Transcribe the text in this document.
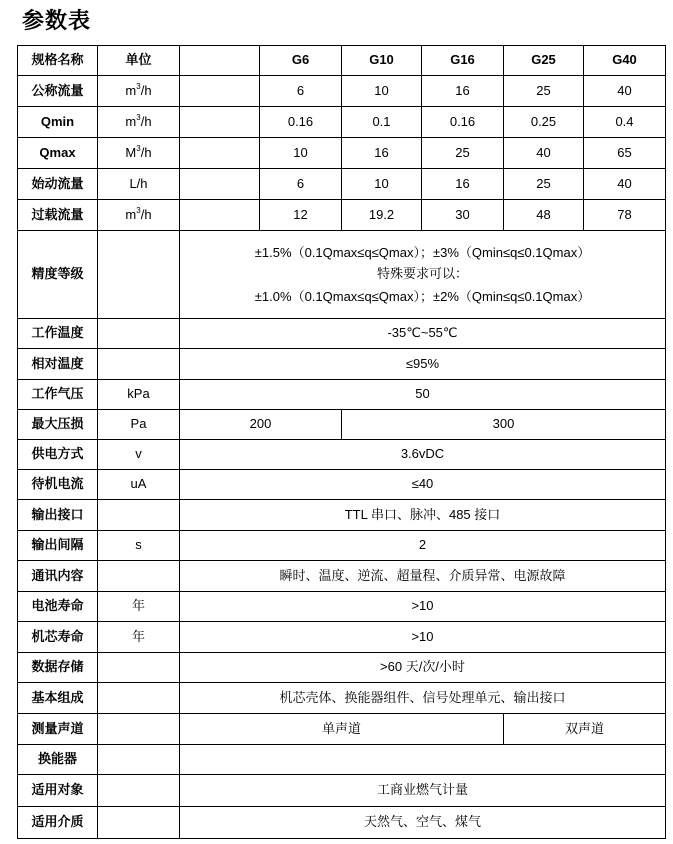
参数表
规格名称	单位		G6	G10	G16	G25	G40
公称流量	$m^3/h$		6	10	16	25	40
Qmin	$m^3/h$		0.16	0.1	0.16	0.25	0.4
Qmax	$M^3/h$		10	16	25	40	65
始动流量	L/h		6	10	16	25	40
过载流量	$m^3/h$		12	19.2	30	48	78
精度等级		±1.5%（0.1Qmax≤q≤Qmax）；±3%（Qmin≤q≤0.1Qmax）
特殊要求可以：
±1.0%（0.1Qmax≤q≤Qmax）；±2%（Qmin≤q≤0.1Qmax）					

工作温度		-35℃~55℃					
相对温度		≤95%					
工作气压	kPa	50					
最大压损	Pa	200		300			
供电方式	v	3.6vDC					
待机电流	uA	≤40					
输出接口		TTL 串口、脉冲、485 接口					
输出间隔	s	2					
通讯内容		瞬时、温度、逆流、超量程、介质异常、电源故障					
电池寿命	年	>10					
机芯寿命	年	>10					
数据存储		>60 天/次/小时					
基本组成		机芯壳体、换能器组件、信号处理单元、输出接口					
测量声道		单声道				双声道	
换能器							
适用对象		工商业燃气计量					
适用介质		天然气、空气、煤气					
